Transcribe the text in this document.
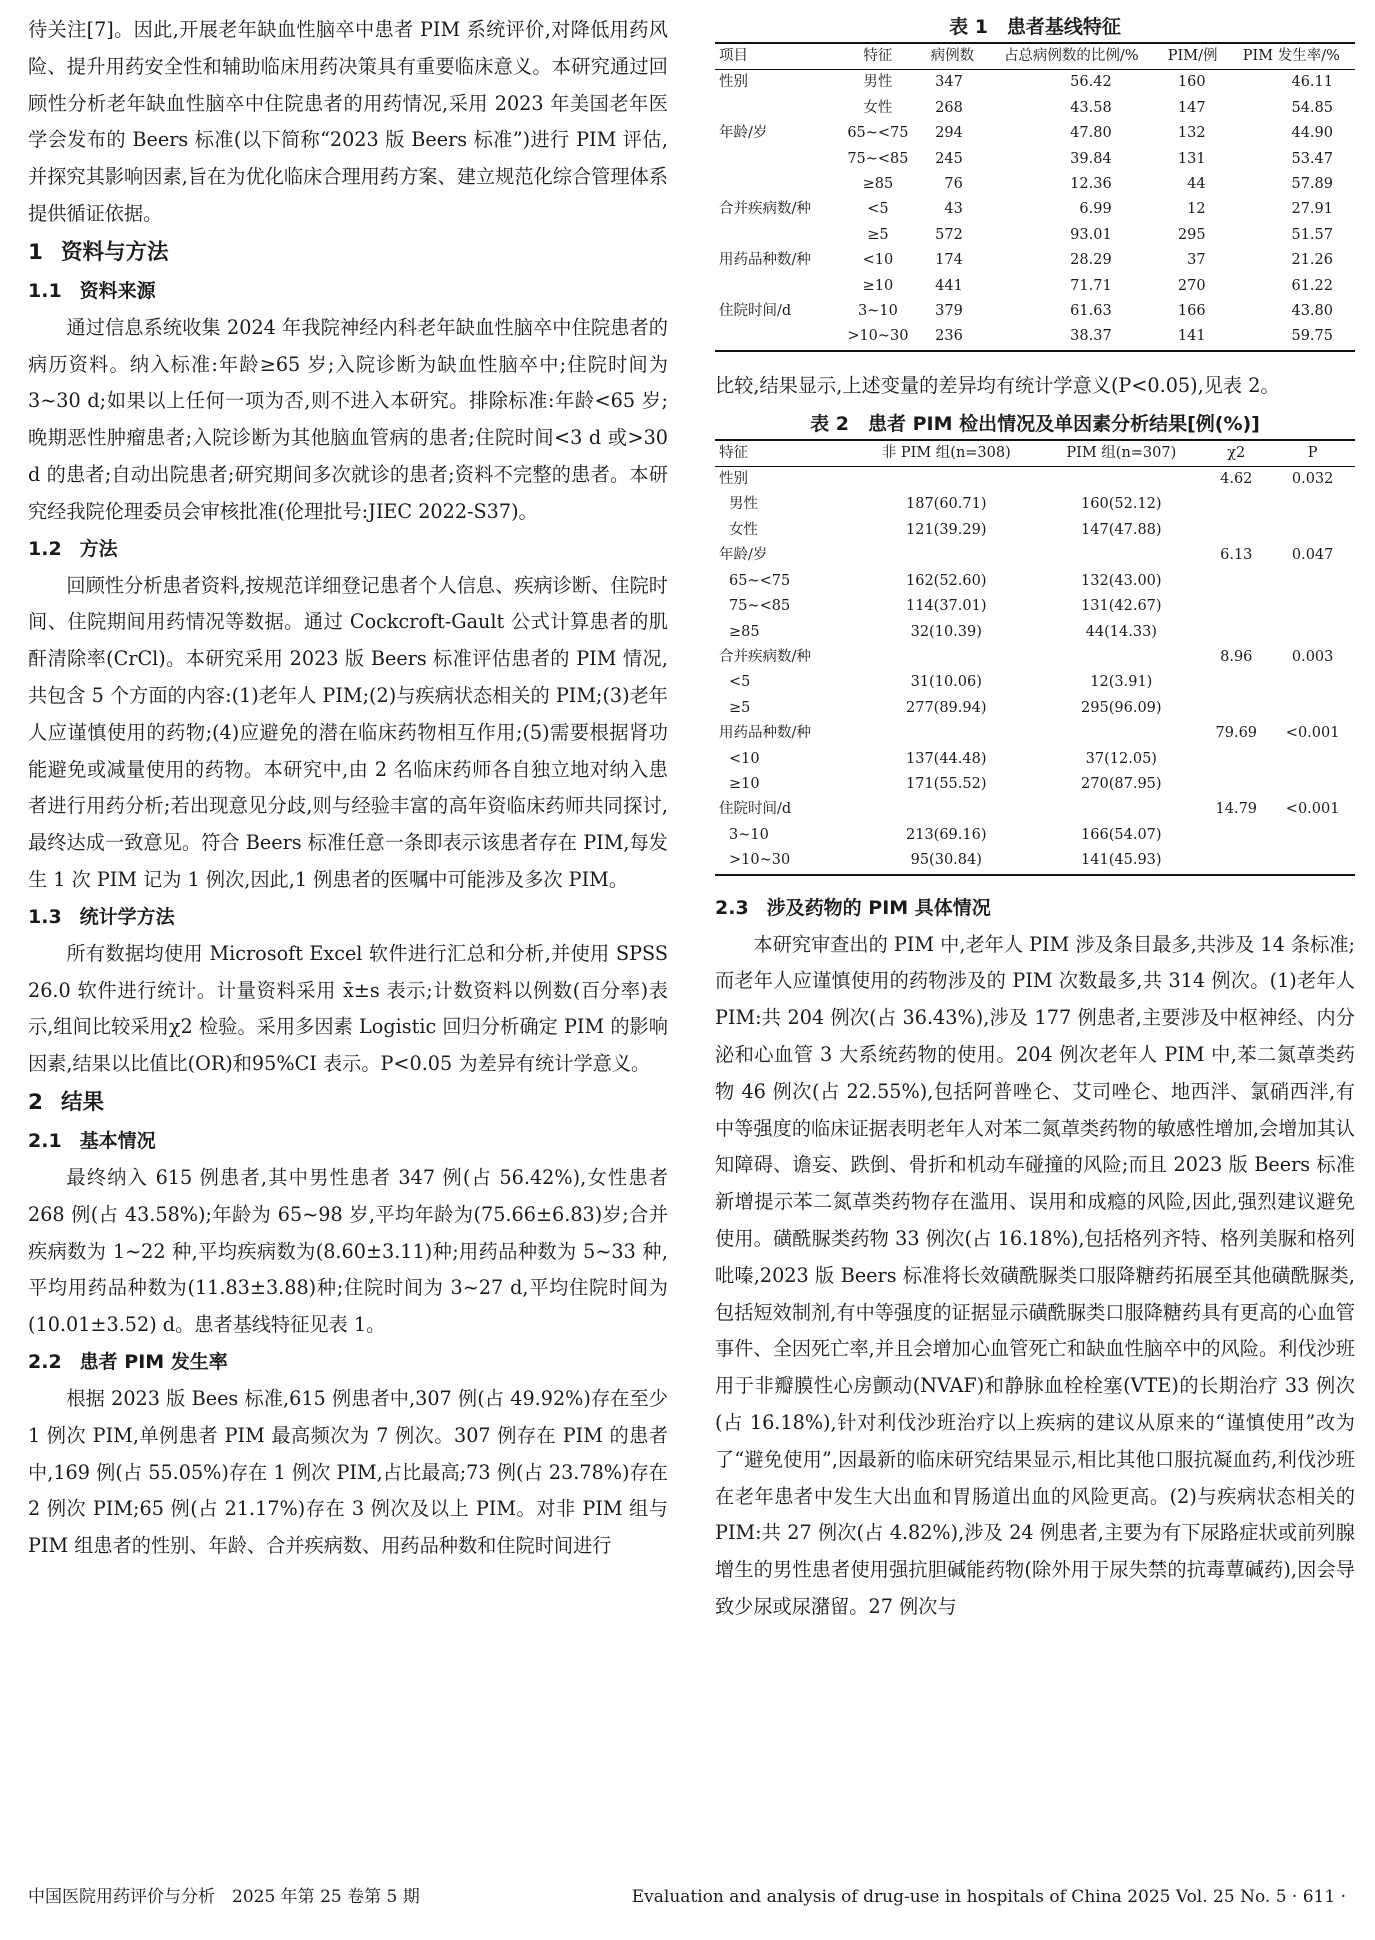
待关注[7]。因此,开展老年缺血性脑卒中患者 PIM 系统评价,对降低用药风险、提升用药安全性和辅助临床用药决策具有重要临床意义。本研究通过回顾性分析老年缺血性脑卒中住院患者的用药情况,采用 2023 年美国老年医学会发布的 Beers 标准(以下简称“2023 版 Beers 标准”)进行 PIM 评估,并探究其影响因素,旨在为优化临床合理用药方案、建立规范化综合管理体系提供循证依据。

1 资料与方法
1.1 资料来源

通过信息系统收集 2024 年我院神经内科老年缺血性脑卒中住院患者的病历资料。纳入标准:年龄≥65 岁;入院诊断为缺血性脑卒中;住院时间为 3~30 d;如果以上任何一项为否,则不进入本研究。排除标准:年龄<65 岁;晚期恶性肿瘤患者;入院诊断为其他脑血管病的患者;住院时间<3 d 或>30 d 的患者;自动出院患者;研究期间多次就诊的患者;资料不完整的患者。本研究经我院伦理委员会审核批准(伦理批号:JIEC 2022-S37)。

1.2 方法

回顾性分析患者资料,按规范详细登记患者个人信息、疾病诊断、住院时间、住院期间用药情况等数据。通过 Cockcroft-Gault 公式计算患者的肌酐清除率(CrCl)。本研究采用 2023 版 Beers 标准评估患者的 PIM 情况,共包含 5 个方面的内容:(1)老年人 PIM;(2)与疾病状态相关的 PIM;(3)老年人应谨慎使用的药物;(4)应避免的潜在临床药物相互作用;(5)需要根据肾功能避免或减量使用的药物。本研究中,由 2 名临床药师各自独立地对纳入患者进行用药分析;若出现意见分歧,则与经验丰富的高年资临床药师共同探讨,最终达成一致意见。符合 Beers 标准任意一条即表示该患者存在 PIM,每发生 1 次 PIM 记为 1 例次,因此,1 例患者的医嘱中可能涉及多次 PIM。

1.3 统计学方法

所有数据均使用 Microsoft Excel 软件进行汇总和分析,并使用 SPSS 26.0 软件进行统计。计量资料采用 x̄±s 表示;计数资料以例数(百分率)表示,组间比较采用χ2 检验。采用多因素 Logistic 回归分析确定 PIM 的影响因素,结果以比值比(OR)和95%CI 表示。P<0.05 为差异有统计学意义。

2 结果
2.1 基本情况

最终纳入 615 例患者,其中男性患者 347 例(占 56.42%),女性患者 268 例(占 43.58%);年龄为 65~98 岁,平均年龄为(75.66±6.83)岁;合并疾病数为 1~22 种,平均疾病数为(8.60±3.11)种;用药品种数为 5~33 种,平均用药品种数为(11.83±3.88)种;住院时间为 3~27 d,平均住院时间为(10.01±3.52) d。患者基线特征见表 1。

2.2 患者 PIM 发生率

根据 2023 版 Bees 标准,615 例患者中,307 例(占 49.92%)存在至少 1 例次 PIM,单例患者 PIM 最高频次为 7 例次。307 例存在 PIM 的患者中,169 例(占 55.05%)存在 1 例次 PIM,占比最高;73 例(占 23.78%)存在 2 例次 PIM;65 例(占 21.17%)存在 3 例次及以上 PIM。对非 PIM 组与 PIM 组患者的性别、年龄、合并疾病数、用药品种数和住院时间进行

表 1　患者基线特征

项目	特征	病例数	占总病例数的比例/%	PIM/例	PIM 发生率/%
性别	男性	347	56.42	160	46.11
	女性	268	43.58	147	54.85
年龄/岁	65~<75	294	47.80	132	44.90
	75~<85	245	39.84	131	53.47
	≥85	76	12.36	44	57.89
合并疾病数/种	<5	43	6.99	12	27.91
	≥5	572	93.01	295	51.57
用药品种数/种	<10	174	28.29	37	21.26
	≥10	441	71.71	270	61.22
住院时间/d	3~10	379	61.63	166	43.80
	>10~30	236	38.37	141	59.75

比较,结果显示,上述变量的差异均有统计学意义(P<0.05),见表 2。

表 2　患者 PIM 检出情况及单因素分析结果[例(%)]

特征	非 PIM 组(n=308)	PIM 组(n=307)	χ2	P
性别			4.62	0.032
男性	187(60.71)	160(52.12)		
女性	121(39.29)	147(47.88)		
年龄/岁			6.13	0.047
65~<75	162(52.60)	132(43.00)		
75~<85	114(37.01)	131(42.67)		
≥85	32(10.39)	44(14.33)		
合并疾病数/种			8.96	0.003
<5	31(10.06)	12(3.91)		
≥5	277(89.94)	295(96.09)		
用药品种数/种			79.69	<0.001
<10	137(44.48)	37(12.05)		
≥10	171(55.52)	270(87.95)		
住院时间/d			14.79	<0.001
3~10	213(69.16)	166(54.07)		
>10~30	95(30.84)	141(45.93)		
2.3 涉及药物的 PIM 具体情况

本研究审查出的 PIM 中,老年人 PIM 涉及条目最多,共涉及 14 条标准;而老年人应谨慎使用的药物涉及的 PIM 次数最多,共 314 例次。(1)老年人 PIM:共 204 例次(占 36.43%),涉及 177 例患者,主要涉及中枢神经、内分泌和心血管 3 大系统药物的使用。204 例次老年人 PIM 中,苯二氮䓬类药物 46 例次(占 22.55%),包括阿普唑仑、艾司唑仑、地西泮、氯硝西泮,有中等强度的临床证据表明老年人对苯二氮䓬类药物的敏感性增加,会增加其认知障碍、谵妄、跌倒、骨折和机动车碰撞的风险;而且 2023 版 Beers 标准新增提示苯二氮䓬类药物存在滥用、误用和成瘾的风险,因此,强烈建议避免使用。磺酰脲类药物 33 例次(占 16.18%),包括格列齐特、格列美脲和格列吡嗪,2023 版 Beers 标准将长效磺酰脲类口服降糖药拓展至其他磺酰脲类,包括短效制剂,有中等强度的证据显示磺酰脲类口服降糖药具有更高的心血管事件、全因死亡率,并且会增加心血管死亡和缺血性脑卒中的风险。利伐沙班用于非瓣膜性心房颤动(NVAF)和静脉血栓栓塞(VTE)的长期治疗 33 例次(占 16.18%),针对利伐沙班治疗以上疾病的建议从原来的“谨慎使用”改为了“避免使用”,因最新的临床研究结果显示,相比其他口服抗凝血药,利伐沙班在老年患者中发生大出血和胃肠道出血的风险更高。(2)与疾病状态相关的 PIM:共 27 例次(占 4.82%),涉及 24 例患者,主要为有下尿路症状或前列腺增生的男性患者使用强抗胆碱能药物(除外用于尿失禁的抗毒蕈碱药),因会导致少尿或尿潴留。27 例次与

中国医院用药评价与分析　2025 年第 25 卷第 5 期	Evaluation and analysis of drug-use in hospitals of China 2025 Vol. 25 No. 5 · 611 ·
